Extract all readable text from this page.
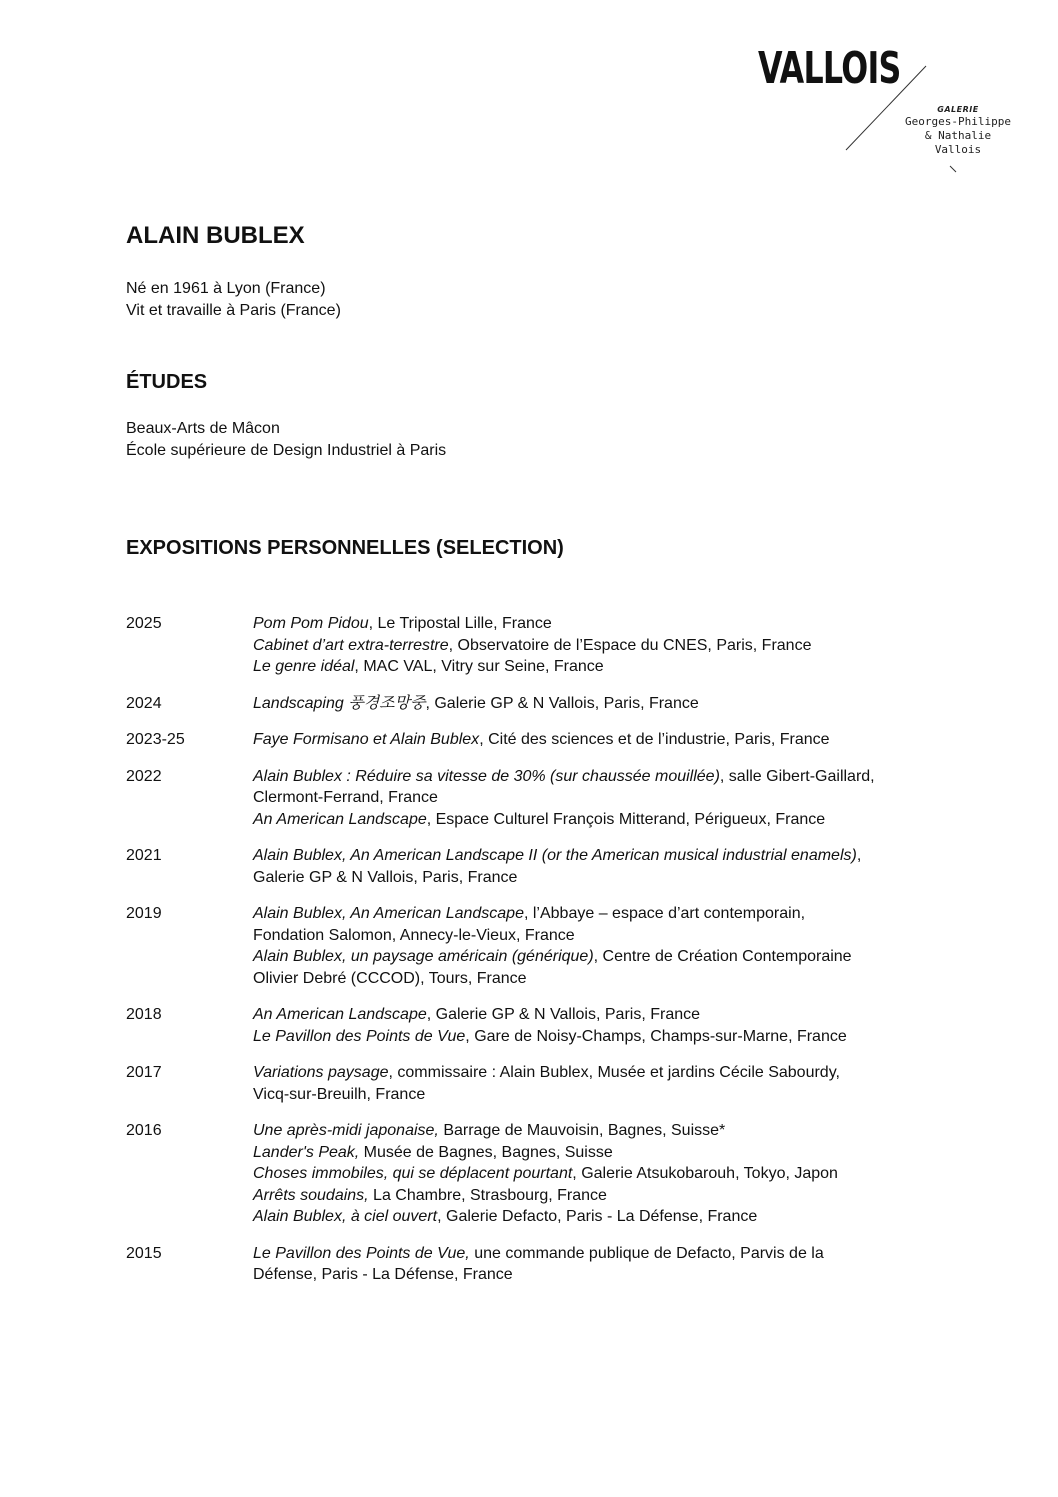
VALLOIS
GALERIE
Georges-Philippe
& Nathalie
Vallois
ALAIN BUBLEX
Né en 1961 à Lyon (France)
Vit et travaille à Paris (France)
ÉTUDES
Beaux-Arts de Mâcon
École supérieure de Design Industriel à Paris
EXPOSITIONS PERSONNELLES (SELECTION)
2025	Pom Pom Pidou, Le Tripostal Lille, France
Cabinet d’art extra-terrestre, Observatoire de l’Espace du CNES, Paris, France
Le genre idéal, MAC VAL, Vitry sur Seine, France
2024	Landscaping 풍경조망중, Galerie GP & N Vallois, Paris, France
2023-25	Faye Formisano et Alain Bublex, Cité des sciences et de l’industrie, Paris, France
2022	Alain Bublex : Réduire sa vitesse de 30% (sur chaussée mouillée), salle Gibert-Gaillard,
Clermont-Ferrand, France
An American Landscape, Espace Culturel François Mitterand, Périgueux, France
2021	Alain Bublex, An American Landscape II (or the American musical industrial enamels),
Galerie GP & N Vallois, Paris, France
2019	Alain Bublex, An American Landscape, l’Abbaye – espace d’art contemporain,
Fondation Salomon, Annecy-le-Vieux, France
Alain Bublex, un paysage américain (générique), Centre de Création Contemporaine
Olivier Debré (CCCOD), Tours, France
2018	An American Landscape, Galerie GP & N Vallois, Paris, France
Le Pavillon des Points de Vue, Gare de Noisy-Champs, Champs-sur-Marne, France
2017	Variations paysage, commissaire : Alain Bublex, Musée et jardins Cécile Sabourdy,
Vicq-sur-Breuilh, France
2016	Une après-midi japonaise, Barrage de Mauvoisin, Bagnes, Suisse*
Lander's Peak, Musée de Bagnes, Bagnes, Suisse
Choses immobiles, qui se déplacent pourtant, Galerie Atsukobarouh, Tokyo, Japon
Arrêts soudains, La Chambre, Strasbourg, France
Alain Bublex, à ciel ouvert, Galerie Defacto, Paris - La Défense, France
2015	Le Pavillon des Points de Vue, une commande publique de Defacto, Parvis de la
Défense, Paris - La Défense, France
